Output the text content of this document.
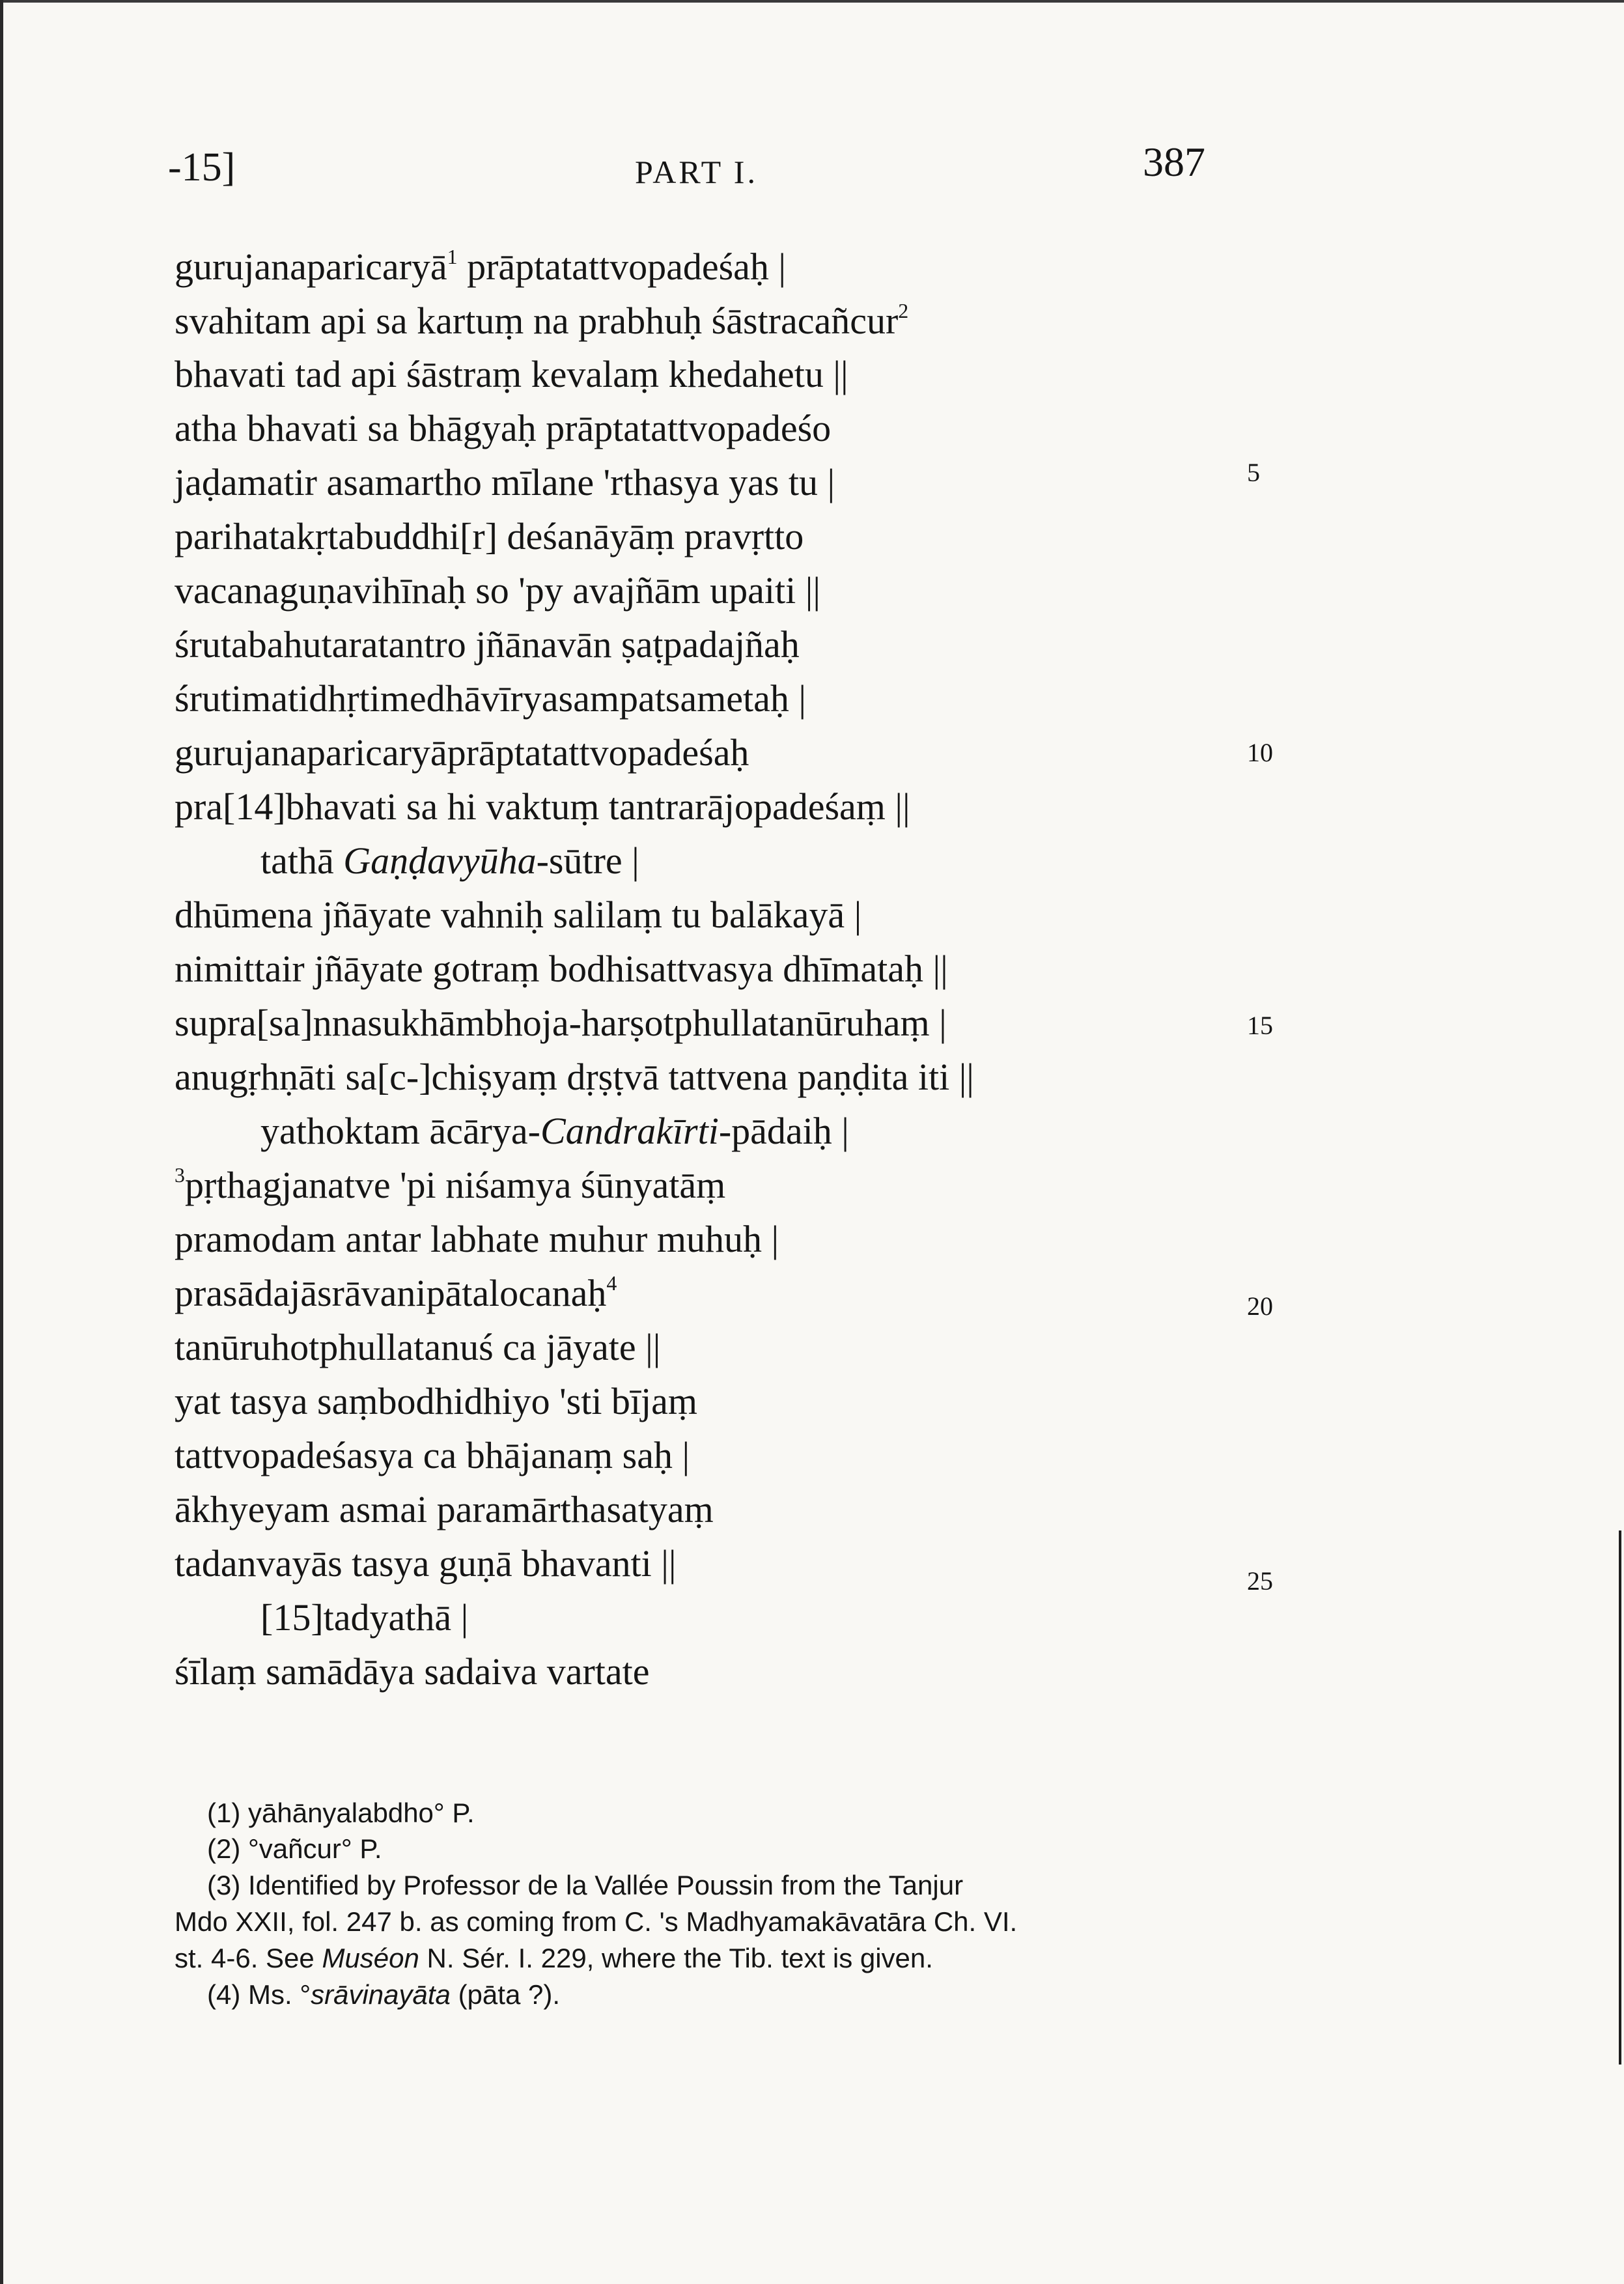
-15]	PART I.	387
gurujanaparicaryā$^1$ prāptatattvopadeśaḥ |
svahitam api sa kartuṃ na prabhuḥ śāstracañcur$^2$
bhavati tad api śāstraṃ kevalaṃ khedahetu ||
atha bhavati sa bhāgyaḥ prāptatattvopadeśo
jaḍamatir asamartho mīlane 'rthasya yas tu |
parihatakṛtabuddhi[r] deśanāyāṃ pravṛtto
vacanaguṇavihīnaḥ so 'py avajñām upaiti ||
śrutabahutaratantro jñānavān ṣaṭpadajñaḥ
śrutimatidhṛtimedhāvīryasampatsametaḥ |
gurujanaparicaryāprāptatattvopadeśaḥ
pra[14]bhavati sa hi vaktuṃ tantrarājopadeśaṃ ||
tathā Gaṇḍavyūha-sūtre |
dhūmena jñāyate vahniḥ salilaṃ tu balākayā |
nimittair jñāyate gotraṃ bodhisattvasya dhīmataḥ ||
supra[sa]nnasukhāmbhoja-harṣotphullatanūruhaṃ |
anugṛhṇāti sa[c-]chiṣyaṃ dṛṣṭvā tattvena paṇḍita iti ||
yathoktam ācārya-Candrakīrti-pādaiḥ |
$^3$pṛthagjanatve 'pi niśamya śūnyatāṃ
pramodam antar labhate muhur muhuḥ |
prasādajāsrāvanipātalocanaḥ$^4$
tanūruhotphullatanuś ca jāyate ||
yat tasya saṃbodhidhiyo 'sti bījaṃ
tattvopadeśasya ca bhājanaṃ saḥ |
ākhyeyam asmai paramārthasatyaṃ
tadanvayās tasya guṇā bhavanti ||
[15]tadyathā |
śīlaṃ samādāya sadaiva vartate
5
10
15
20
25
(1) yāhānyalabdho° P.
(2) °vañcur° P.
(3) Identified by Professor de la Vallée Poussin from the Tanjur
Mdo XXII, fol. 247 b. as coming from C. 's Madhyamakāvatāra Ch. VI.
st. 4-6. See Muséon N. Sér. I. 229, where the Tib. text is given.
(4) Ms. °srāvinayāta (pāta ?).
